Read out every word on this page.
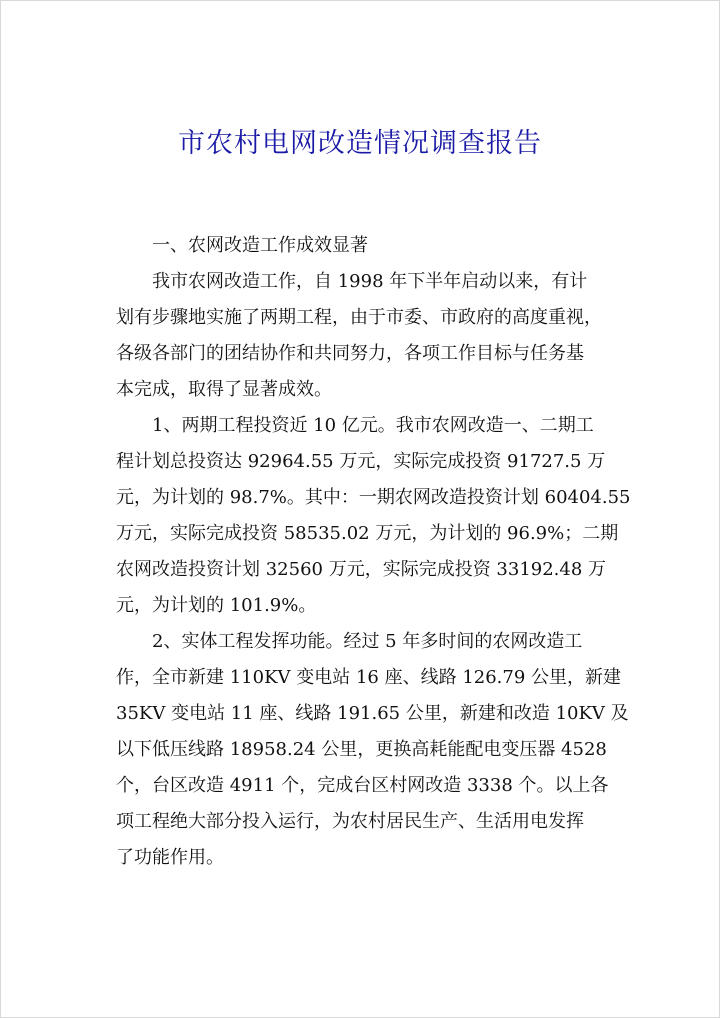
市农村电网改造情况调查报告
一、农网改造工作成效显著
我市农网改造工作，自 1998 年下半年启动以来，有计
划有步骤地实施了两期工程，由于市委、市政府的高度重视，
各级各部门的团结协作和共同努力，各项工作目标与任务基
本完成，取得了显著成效。
1、两期工程投资近 10 亿元。我市农网改造一、二期工
程计划总投资达 92964.55 万元，实际完成投资 91727.5 万
元，为计划的 98.7%。其中：一期农网改造投资计划 60404.55
万元，实际完成投资 58535.02 万元，为计划的 96.9%；二期
农网改造投资计划 32560 万元，实际完成投资 33192.48 万
元，为计划的 101.9%。
2、实体工程发挥功能。经过 5 年多时间的农网改造工
作，全市新建 110KV 变电站 16 座、线路 126.79 公里，新建
35KV 变电站 11 座、线路 191.65 公里，新建和改造 10KV 及
以下低压线路 18958.24 公里，更换高耗能配电变压器 4528
个，台区改造 4911 个，完成台区村网改造 3338 个。以上各
项工程绝大部分投入运行，为农村居民生产、生活用电发挥
了功能作用。
